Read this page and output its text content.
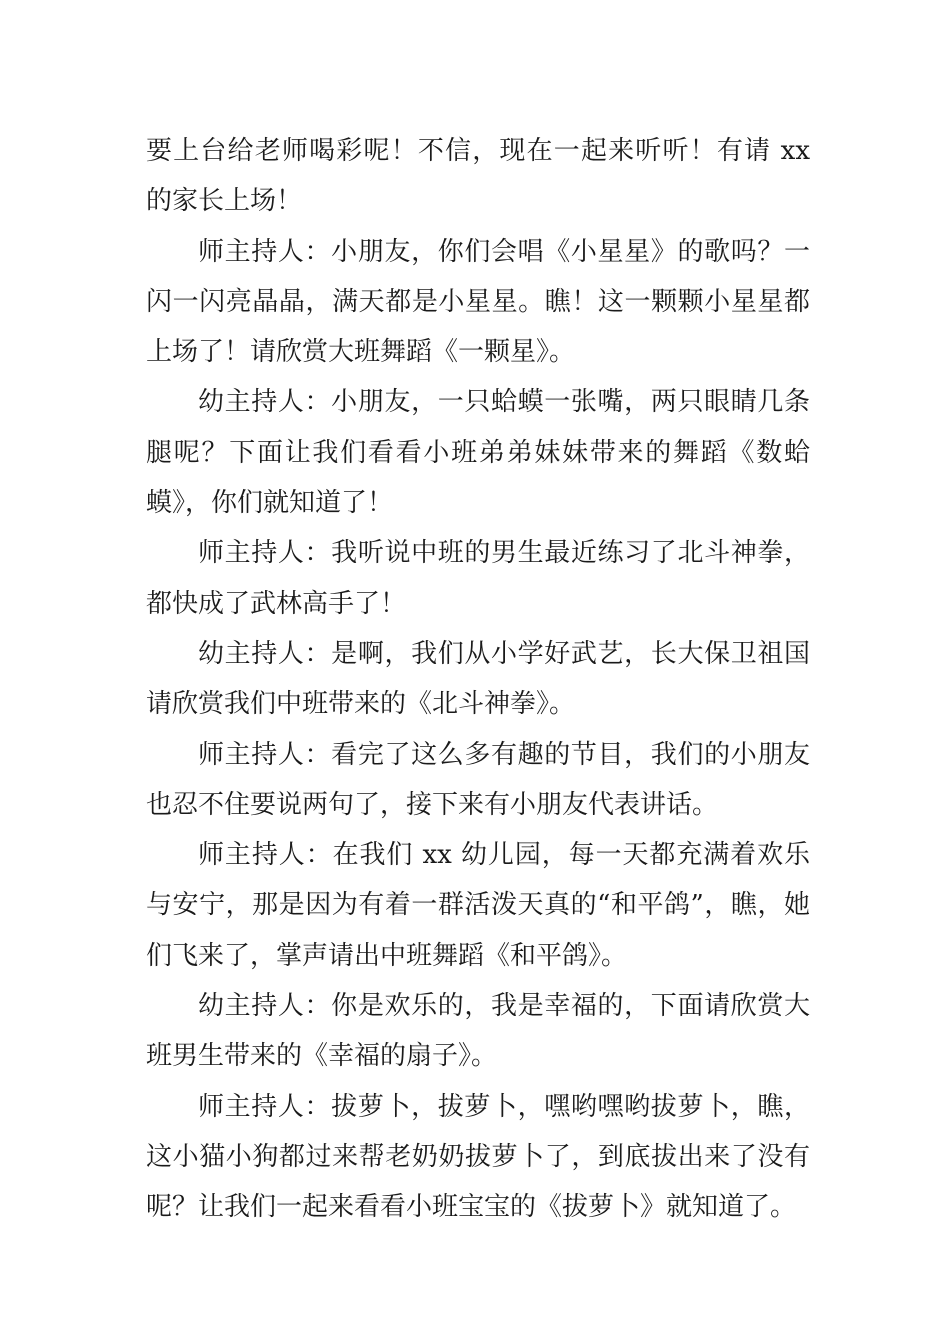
要上台给老师喝彩呢！不信，现在一起来听听！有请 xx 的家长上场！

师主持人：小朋友，你们会唱《小星星》的歌吗？一闪一闪亮晶晶，满天都是小星星。瞧！这一颗颗小星星都上场了！请欣赏大班舞蹈《一颗星》。

幼主持人：小朋友，一只蛤蟆一张嘴，两只眼睛几条腿呢？下面让我们看看小班弟弟妹妹带来的舞蹈《数蛤蟆》，你们就知道了！

师主持人：我听说中班的男生最近练习了北斗神拳，都快成了武林高手了！

幼主持人：是啊，我们从小学好武艺，长大保卫祖国请欣赏我们中班带来的《北斗神拳》。

师主持人：看完了这么多有趣的节目，我们的小朋友也忍不住要说两句了，接下来有小朋友代表讲话。

师主持人：在我们 xx 幼儿园，每一天都充满着欢乐与安宁，那是因为有着一群活泼天真的“和平鸽”，瞧，她们飞来了，掌声请出中班舞蹈《和平鸽》。

幼主持人：你是欢乐的，我是幸福的，下面请欣赏大班男生带来的《幸福的扇子》。

师主持人：拔萝卜，拔萝卜，嘿哟嘿哟拔萝卜，瞧，这小猫小狗都过来帮老奶奶拔萝卜了，到底拔出来了没有呢？让我们一起来看看小班宝宝的《拔萝卜》就知道了。
